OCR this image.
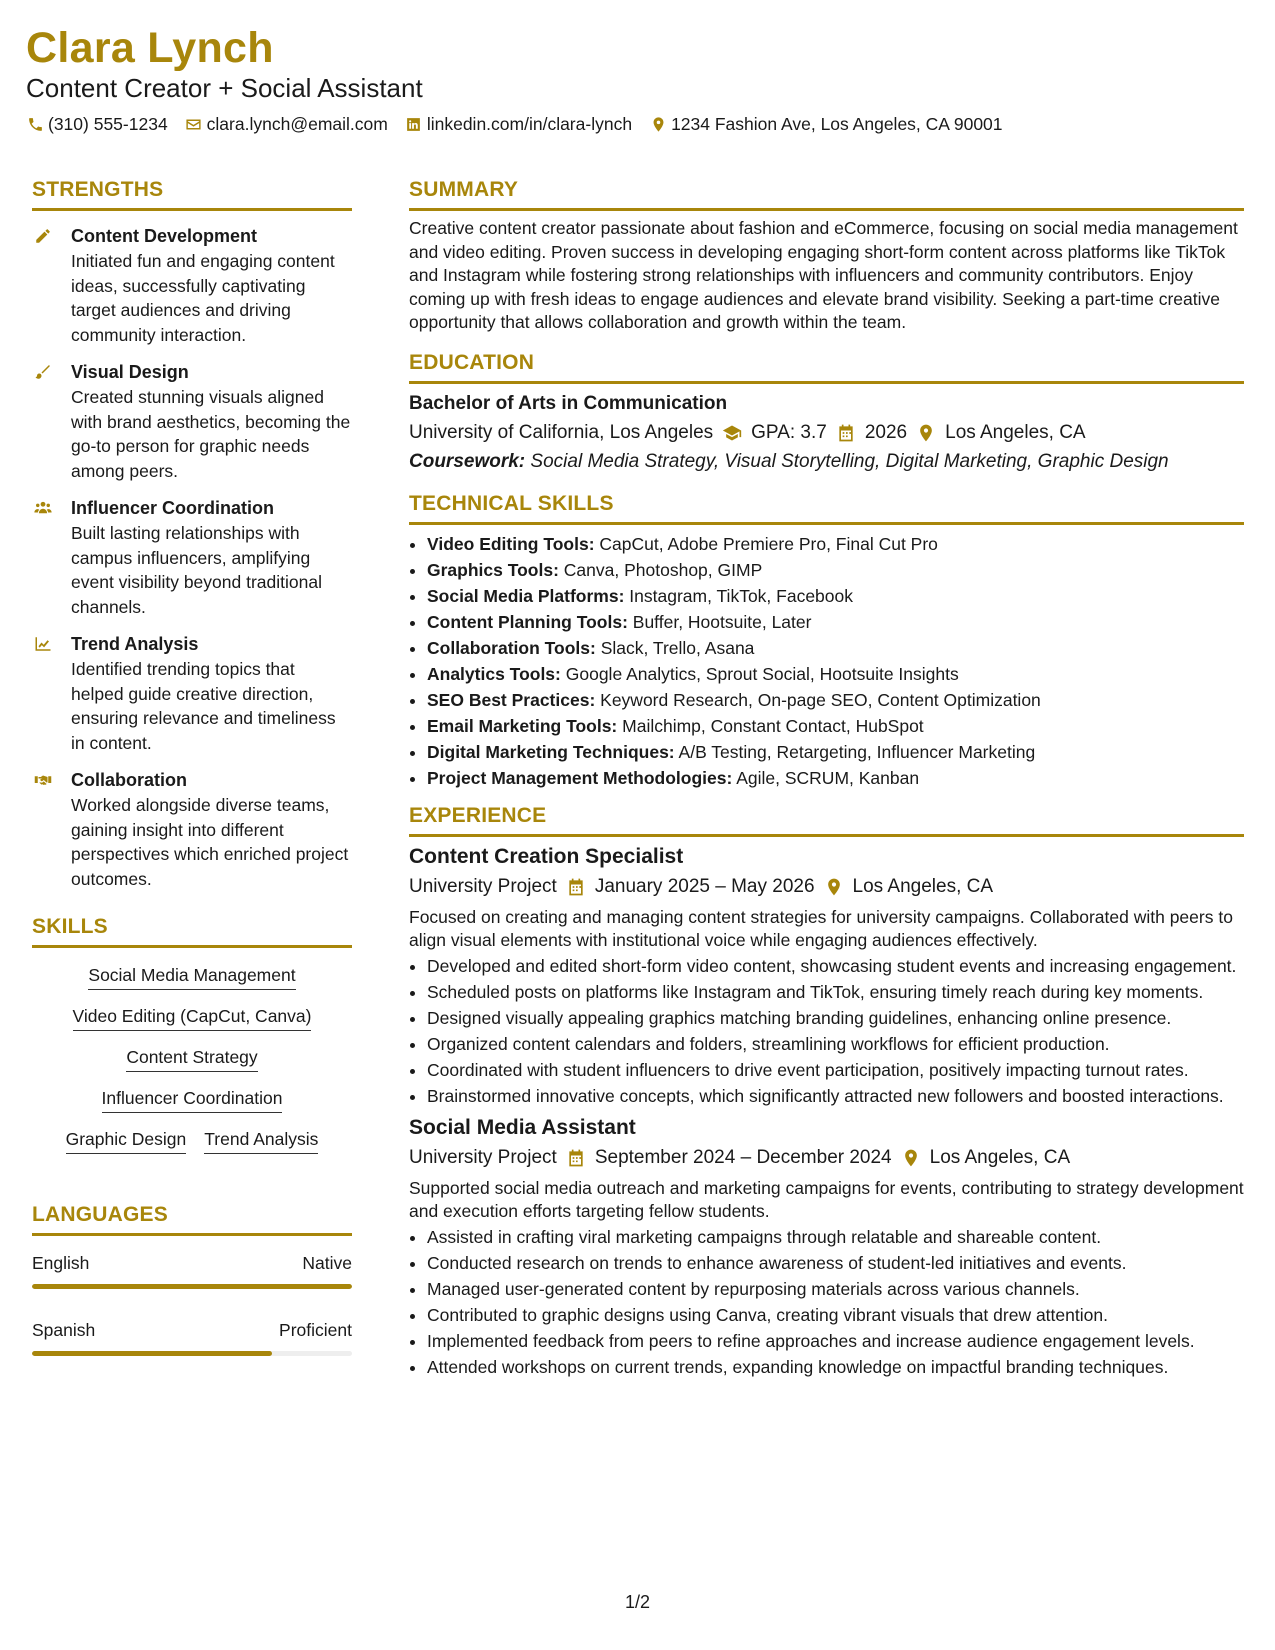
Clara Lynch
Content Creator + Social Assistant
(310) 555-1234 clara.lynch@email.com linkedin.com/in/clara-lynch 1234 Fashion Ave, Los Angeles, CA 90001
STRENGTHS
Content Development
Initiated fun and engaging content ideas, successfully captivating target audiences and driving community interaction.
Visual Design
Created stunning visuals aligned with brand aesthetics, becoming the go-to person for graphic needs among peers.
Influencer Coordination
Built lasting relationships with campus influencers, amplifying event visibility beyond traditional channels.
Trend Analysis
Identified trending topics that helped guide creative direction, ensuring relevance and timeliness in content.
Collaboration
Worked alongside diverse teams, gaining insight into different perspectives which enriched project outcomes.
SKILLS
Social Media Management
Video Editing (CapCut, Canva)
Content Strategy
Influencer Coordination
Graphic Design Trend Analysis
LANGUAGES
English	Native
Spanish	Proficient
SUMMARY
Creative content creator passionate about fashion and eCommerce, focusing on social media management and video editing. Proven success in developing engaging short-form content across platforms like TikTok and Instagram while fostering strong relationships with influencers and community contributors. Enjoy coming up with fresh ideas to engage audiences and elevate brand visibility. Seeking a part-time creative opportunity that allows collaboration and growth within the team.
EDUCATION
Bachelor of Arts in Communication
University of California, Los Angeles GPA: 3.7 2026 Los Angeles, CA
Coursework: Social Media Strategy, Visual Storytelling, Digital Marketing, Graphic Design
TECHNICAL SKILLS
• Video Editing Tools: CapCut, Adobe Premiere Pro, Final Cut Pro
• Graphics Tools: Canva, Photoshop, GIMP
• Social Media Platforms: Instagram, TikTok, Facebook
• Content Planning Tools: Buffer, Hootsuite, Later
• Collaboration Tools: Slack, Trello, Asana
• Analytics Tools: Google Analytics, Sprout Social, Hootsuite Insights
• SEO Best Practices: Keyword Research, On-page SEO, Content Optimization
• Email Marketing Tools: Mailchimp, Constant Contact, HubSpot
• Digital Marketing Techniques: A/B Testing, Retargeting, Influencer Marketing
• Project Management Methodologies: Agile, SCRUM, Kanban
EXPERIENCE
Content Creation Specialist
University Project January 2025 – May 2026 Los Angeles, CA
Focused on creating and managing content strategies for university campaigns. Collaborated with peers to align visual elements with institutional voice while engaging audiences effectively.
• Developed and edited short-form video content, showcasing student events and increasing engagement.
• Scheduled posts on platforms like Instagram and TikTok, ensuring timely reach during key moments.
• Designed visually appealing graphics matching branding guidelines, enhancing online presence.
• Organized content calendars and folders, streamlining workflows for efficient production.
• Coordinated with student influencers to drive event participation, positively impacting turnout rates.
• Brainstormed innovative concepts, which significantly attracted new followers and boosted interactions.
Social Media Assistant
University Project September 2024 – December 2024 Los Angeles, CA
Supported social media outreach and marketing campaigns for events, contributing to strategy development and execution efforts targeting fellow students.
• Assisted in crafting viral marketing campaigns through relatable and shareable content.
• Conducted research on trends to enhance awareness of student-led initiatives and events.
• Managed user-generated content by repurposing materials across various channels.
• Contributed to graphic designs using Canva, creating vibrant visuals that drew attention.
• Implemented feedback from peers to refine approaches and increase audience engagement levels.
• Attended workshops on current trends, expanding knowledge on impactful branding techniques.
1/2
